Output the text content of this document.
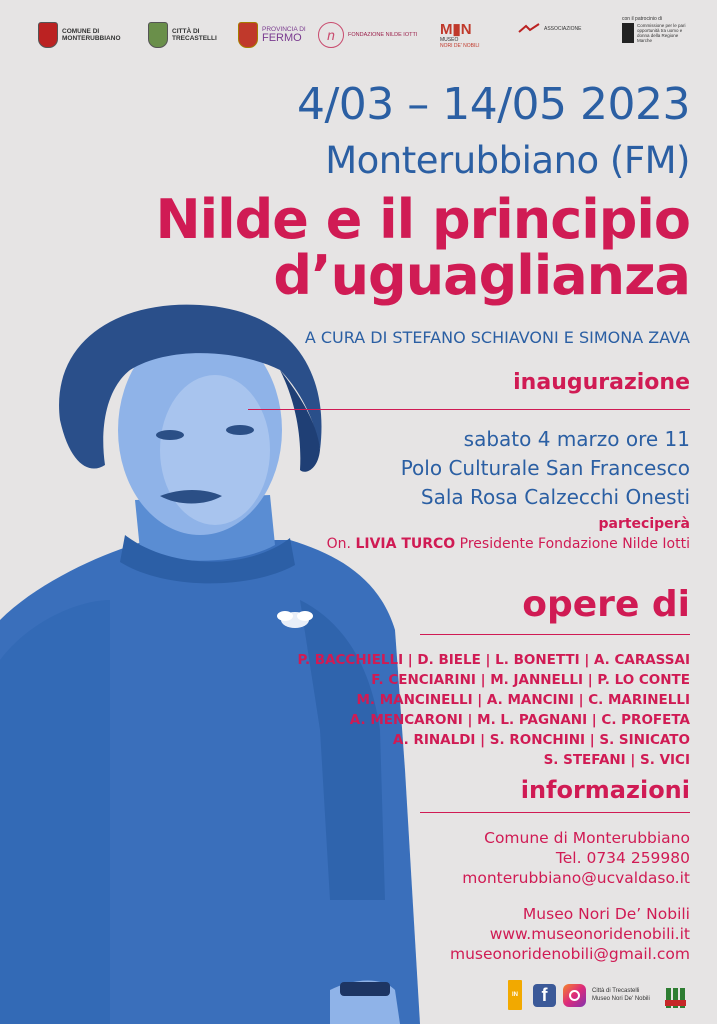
COMUNE DI
MONTERUBBIANO
CITTÀ DI
TRECASTELLI
PROVINCIA DI
FERMO	n	FONDAZIONE NILDE IOTTI M▮N
MUSEO
NORI DE' NOBILI
ASSOCIAZIONE
con il patrocinio di
Commissione per le pari opportunità tra uomo e donna della Regione Marche
4/03 – 14/05 2023
Monterubbiano (FM)
Nilde e il principio
d’uguaglianza
A CURA DI STEFANO SCHIAVONI E SIMONA ZAVA
inaugurazione
sabato 4 marzo ore 11
Polo Culturale San Francesco
Sala Rosa Calzecchi Onesti
parteciperà
On. LIVIA TURCO Presidente Fondazione Nilde Iotti
opere di
P. BACCHIELLI | D. BIELE | L. BONETTI | A. CARASSAI
F. CENCIARINI | M. JANNELLI | P. LO CONTE
M. MANCINELLI | A. MANCINI | C. MARINELLI
A. MENCARONI | M. L. PAGNANI | C. PROFETA
A. RINALDI | S. RONCHINI | S. SINICATO
S. STEFANI | S. VICI
informazioni
Comune di Monterubbiano
Tel. 0734 259980
monterubbiano@ucvaldaso.it
Museo Nori De’ Nobili
www.museonoridenobili.it
museonoridenobili@gmail.com
IN	f	Città di Trecastelli
Museo Nori De' Nobili
